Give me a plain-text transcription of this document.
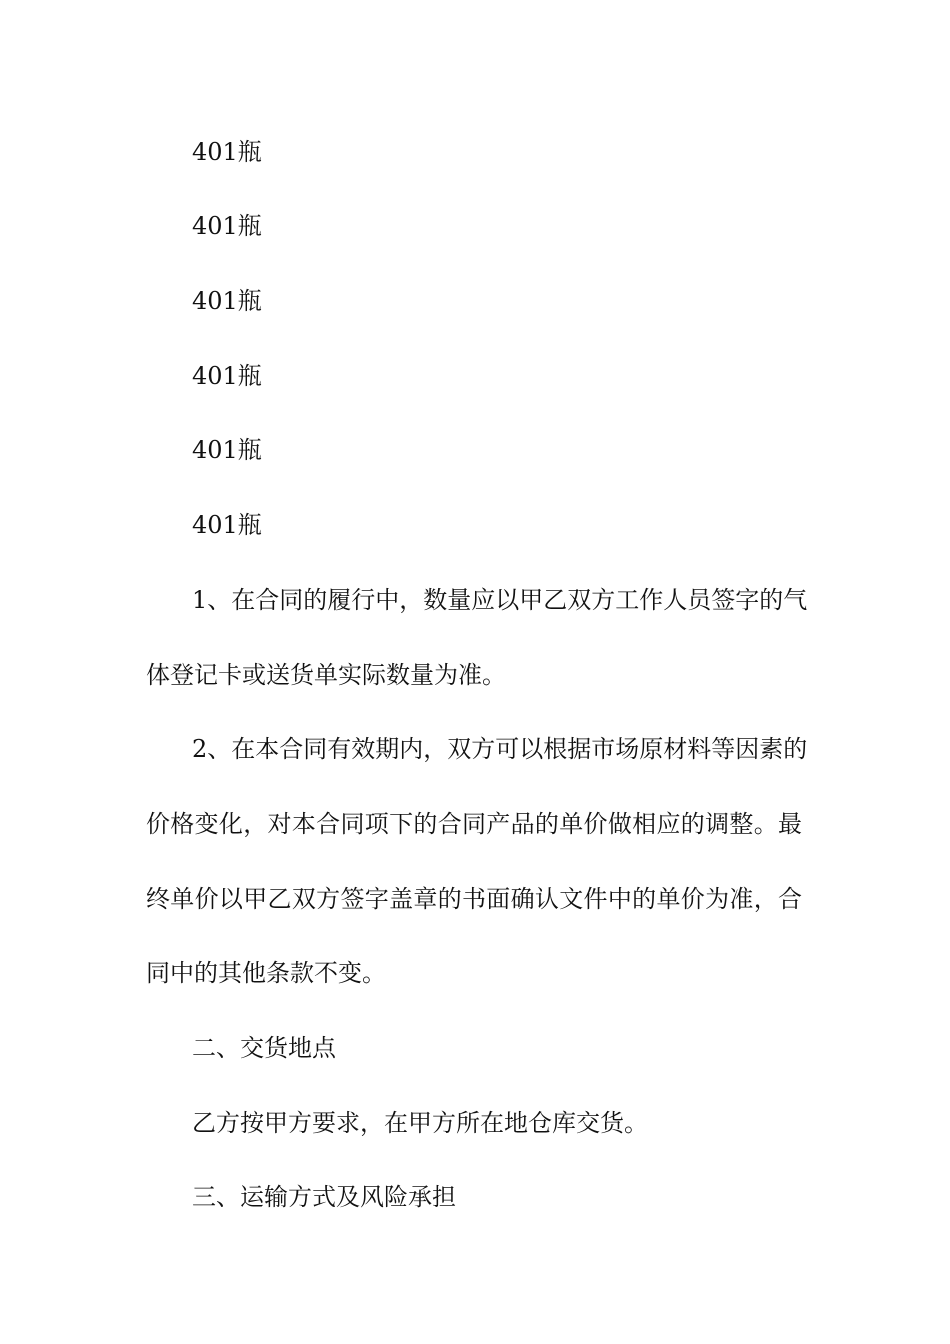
401瓶
401瓶
401瓶
401瓶
401瓶
401瓶
1、在合同的履行中，数量应以甲乙双方工作人员签字的气
体登记卡或送货单实际数量为准。
2、在本合同有效期内，双方可以根据市场原材料等因素的
价格变化，对本合同项下的合同产品的单价做相应的调整。最
终单价以甲乙双方签字盖章的书面确认文件中的单价为准，合
同中的其他条款不变。
二、交货地点
乙方按甲方要求，在甲方所在地仓库交货。
三、运输方式及风险承担
